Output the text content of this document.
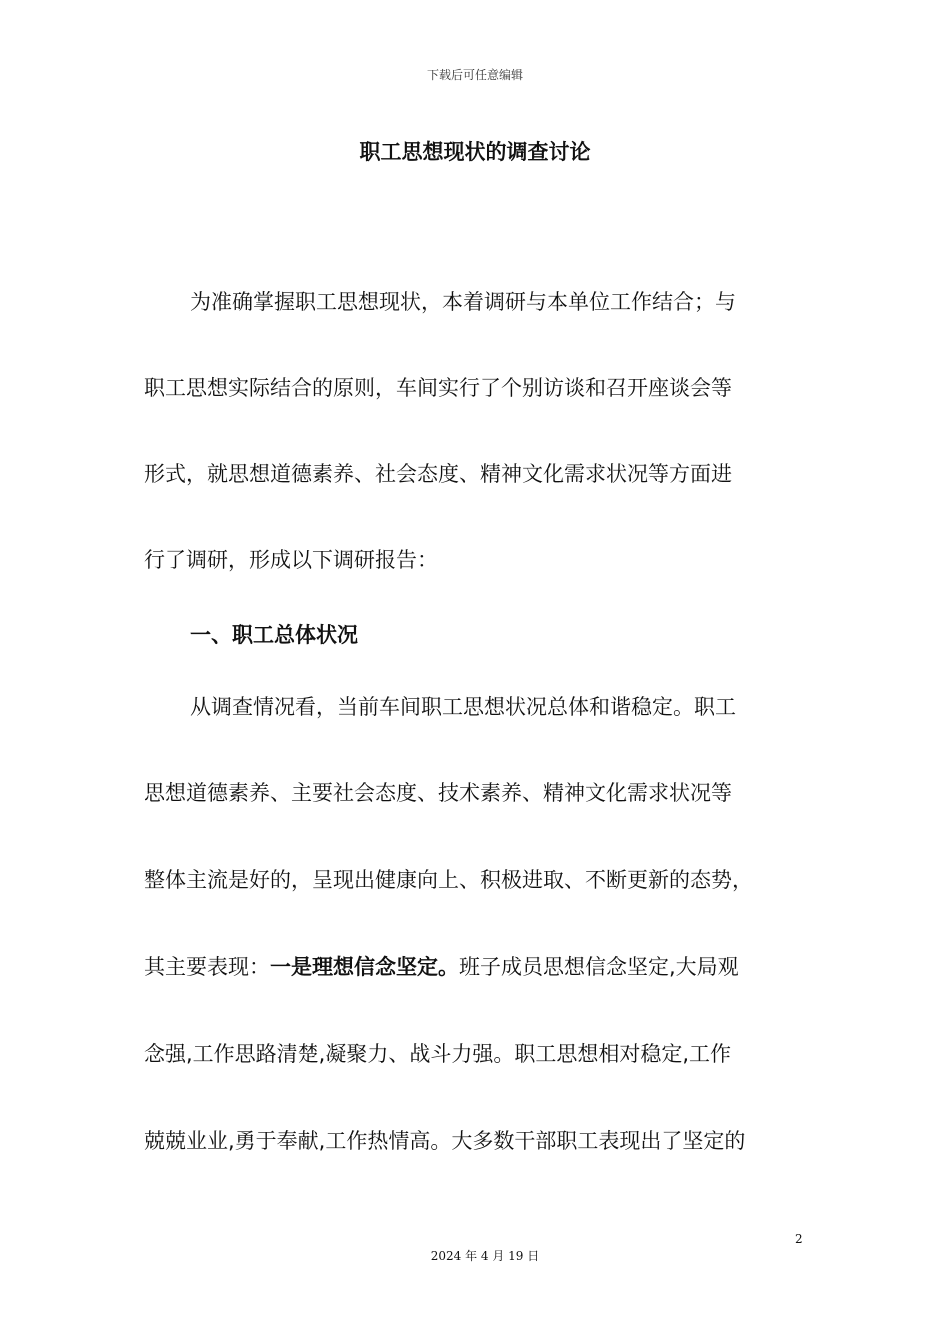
下载后可任意编辑
职工思想现状的调查讨论
为准确掌握职工思想现状，本着调研与本单位工作结合；与
职工思想实际结合的原则，车间实行了个别访谈和召开座谈会等
形式，就思想道德素养、社会态度、精神文化需求状况等方面进
行了调研，形成以下调研报告：
一、职工总体状况
从调查情况看，当前车间职工思想状况总体和谐稳定。职工
思想道德素养、主要社会态度、技术素养、精神文化需求状况等
整体主流是好的，呈现出健康向上、积极进取、不断更新的态势，
其主要表现：一是理想信念坚定。班子成员思想信念坚定,大局观
念强,工作思路清楚,凝聚力、战斗力强。职工思想相对稳定,工作
兢兢业业,勇于奉献,工作热情高。大多数干部职工表现出了坚定的
2
2024 年 4 月 19 日
